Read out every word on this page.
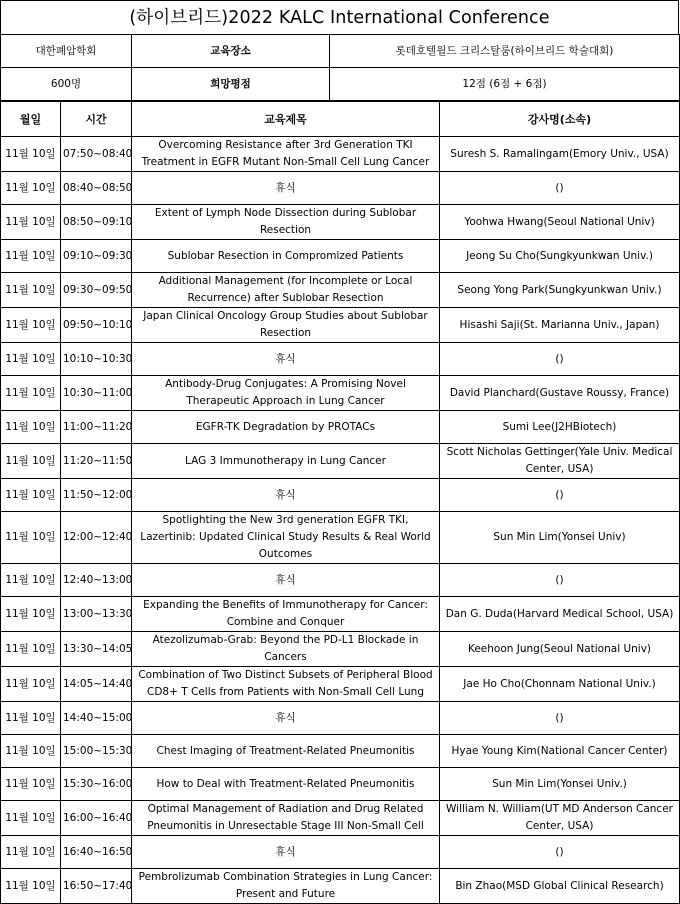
(하이브리드)2022 KALC International Conference
대한폐암학회	교육장소	롯데호텔월드 크리스탈룸(하이브리드 학술대회)
600명	희망평점	12점 (6점 + 6점)
월일	시간	교육제목	강사명(소속)
11월 10일	07:50~08:40	Overcoming Resistance after 3rd Generation TKI Treatment in EGFR Mutant Non-Small Cell Lung Cancer	Suresh S. Ramalingam(Emory Univ., USA)
11월 10일	08:40~08:50	휴식	()
11월 10일	08:50~09:10	Extent of Lymph Node Dissection during Sublobar Resection	Yoohwa Hwang(Seoul National Univ)
11월 10일	09:10~09:30	Sublobar Resection in Compromized Patients	Jeong Su Cho(Sungkyunkwan Univ.)
11월 10일	09:30~09:50	Additional Management (for Incomplete or Local Recurrence) after Sublobar Resection	Seong Yong Park(Sungkyunkwan Univ.)
11월 10일	09:50~10:10	Japan Clinical Oncology Group Studies about Sublobar Resection	Hisashi Saji(St. Marianna Univ., Japan)
11월 10일	10:10~10:30	휴식	()
11월 10일	10:30~11:00	Antibody-Drug Conjugates: A Promising Novel Therapeutic Approach in Lung Cancer	David Planchard(Gustave Roussy, France)
11월 10일	11:00~11:20	EGFR-TK Degradation by PROTACs	Sumi Lee(J2HBiotech)
11월 10일	11:20~11:50	LAG 3 Immunotherapy in Lung Cancer	Scott Nicholas Gettinger(Yale Univ. Medical Center, USA)
11월 10일	11:50~12:00	휴식	()
11월 10일	12:00~12:40	Spotlighting the New 3rd generation EGFR TKI, Lazertinib: Updated Clinical Study Results & Real World Outcomes	Sun Min Lim(Yonsei Univ)
11월 10일	12:40~13:00	휴식	()
11월 10일	13:00~13:30	Expanding the Benefits of Immunotherapy for Cancer: Combine and Conquer	Dan G. Duda(Harvard Medical School, USA)
11월 10일	13:30~14:05	Atezolizumab-Grab: Beyond the PD-L1 Blockade in Cancers	Keehoon Jung(Seoul National Univ)
11월 10일	14:05~14:40	Combination of Two Distinct Subsets of Peripheral Blood CD8+ T Cells from Patients with Non-Small Cell Lung	Jae Ho Cho(Chonnam National Univ.)
11월 10일	14:40~15:00	휴식	()
11월 10일	15:00~15:30	Chest Imaging of Treatment-Related Pneumonitis	Hyae Young Kim(National Cancer Center)
11월 10일	15:30~16:00	How to Deal with Treatment-Related Pneumonitis	Sun Min Lim(Yonsei Univ.)
11월 10일	16:00~16:40	Optimal Management of Radiation and Drug Related Pneumonitis in Unresectable Stage III Non-Small Cell	William N. William(UT MD Anderson Cancer Center, USA)
11월 10일	16:40~16:50	휴식	()
11월 10일	16:50~17:40	Pembrolizumab Combination Strategies in Lung Cancer: Present and Future	Bin Zhao(MSD Global Clinical Research)
